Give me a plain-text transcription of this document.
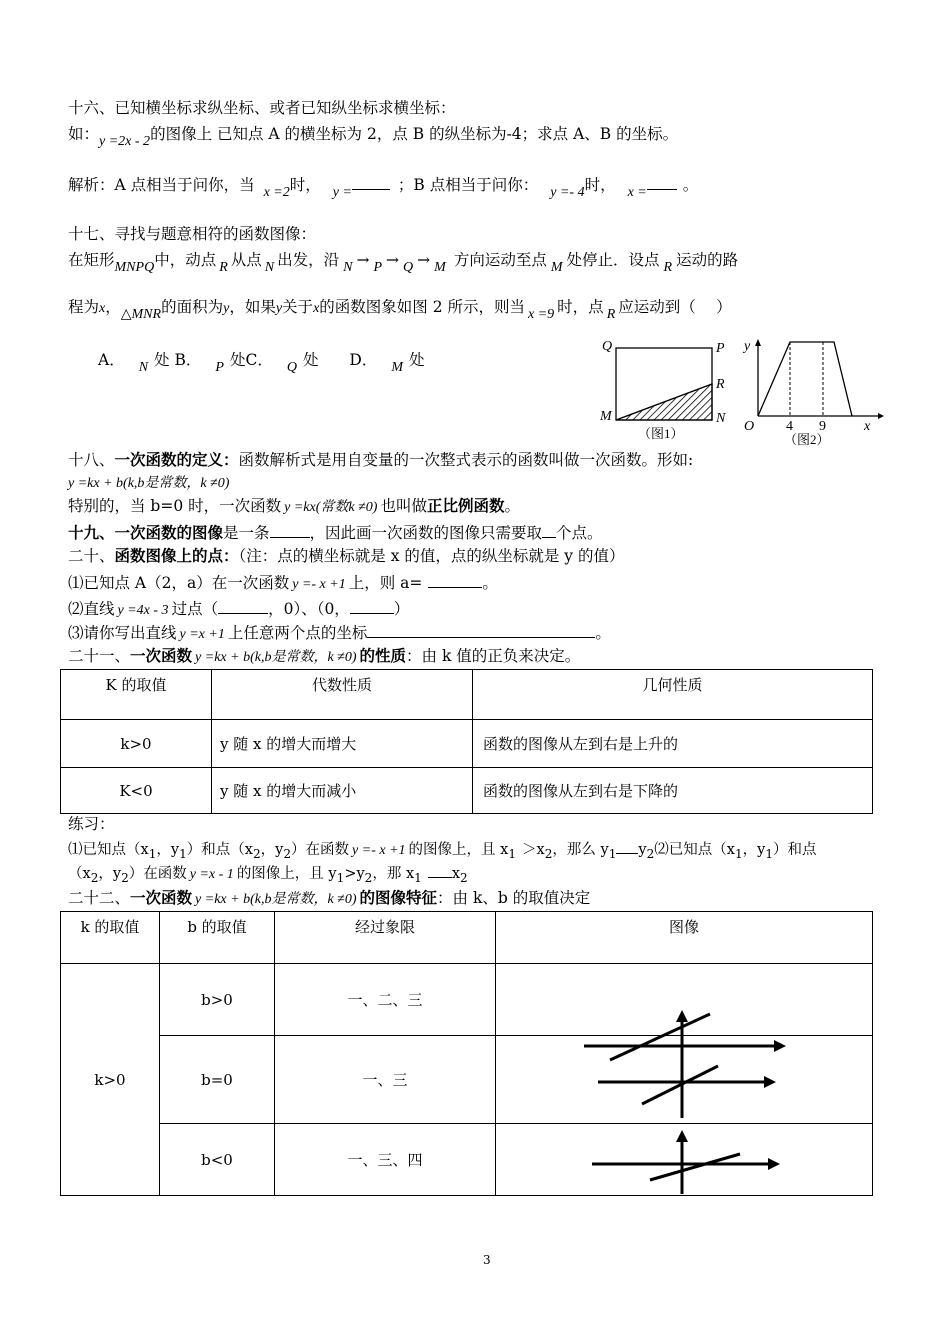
十六、已知横坐标求纵坐标、或者已知纵坐标求横坐标：
如：y =2x - 2的图像上 已知点 A 的横坐标为 2，点 B 的纵坐标为-4；求点 A、B 的坐标。
解析：A 点相当于问你，当 x =2时， y =	；B 点相当于问你： y =- 4时， x = 。
十七、寻找与题意相符的函数图像：
在矩形MNPQ中，动点 R 从点 N 出发，沿 N → P → Q → M 方向运动至点 M 处停止．设点 R 运动的路
程为x，△MNR的面积为y，如果y关于x的函数图象如图 2 所示，则当 x =9 时，点 R 应运动到（　 ）
A． N 处 B． P 处C． Q 处 D． M 处
Q	P
R
M	N
（图1）
y
O 4 9	x
（图2）
十八、一次函数的定义：函数解析式是用自变量的一次整式表示的函数叫做一次函数。形如:
y =kx + b(k,b是常数，k ≠0)
特别的，当 b=0 时，一次函数 y =kx(常数k ≠0) 也叫做正比例函数。
十九、一次函数的图像是一条	，因此画一次函数的图像只需要取 个点。
二十、函数图像上的点：（注：点的横坐标就是 x 的值，点的纵坐标就是 y 的值）
⑴已知点 A（2，a）在一次函数 y =- x +1 上，则 a=	。
⑵直线 y =4x - 3 过点（	，0）、（0，	）
⑶请你写出直线 y =x +1 上任意两个点的坐标	。
二十一、一次函数 y =kx + b(k,b是常数，k ≠0) 的性质：由 k 值的正负来决定。
K 的取值	代数性质	几何性质
k>0	y 随 x 的增大而增大	函数的图像从左到右是上升的
K<0	y 随 x 的增大而减小	函数的图像从左到右是下降的
练习：
⑴已知点（$x_1$，$y_1$）和点（$x_2$，$y_2$）在函数 y =- x +1 的图像上，且 $x_1 >x_2$，那么 $y_1$ $y_2⑵$已知点（$x_1$，$y_1$）和点
（$x_2$，$y_2$）在函数 y =x - 1 的图像上，且 $y_1>y_2$，那 $x_1$ $x_2$
二十二、一次函数 y =kx + b(k,b是常数，k ≠0) 的图像特征：由 k、b 的取值决定
k 的取值	b 的取值	经过象限	图像
k>0	b>0	一、二、三	
	b=0	一、三	
	b<0	一、三、四	
3
